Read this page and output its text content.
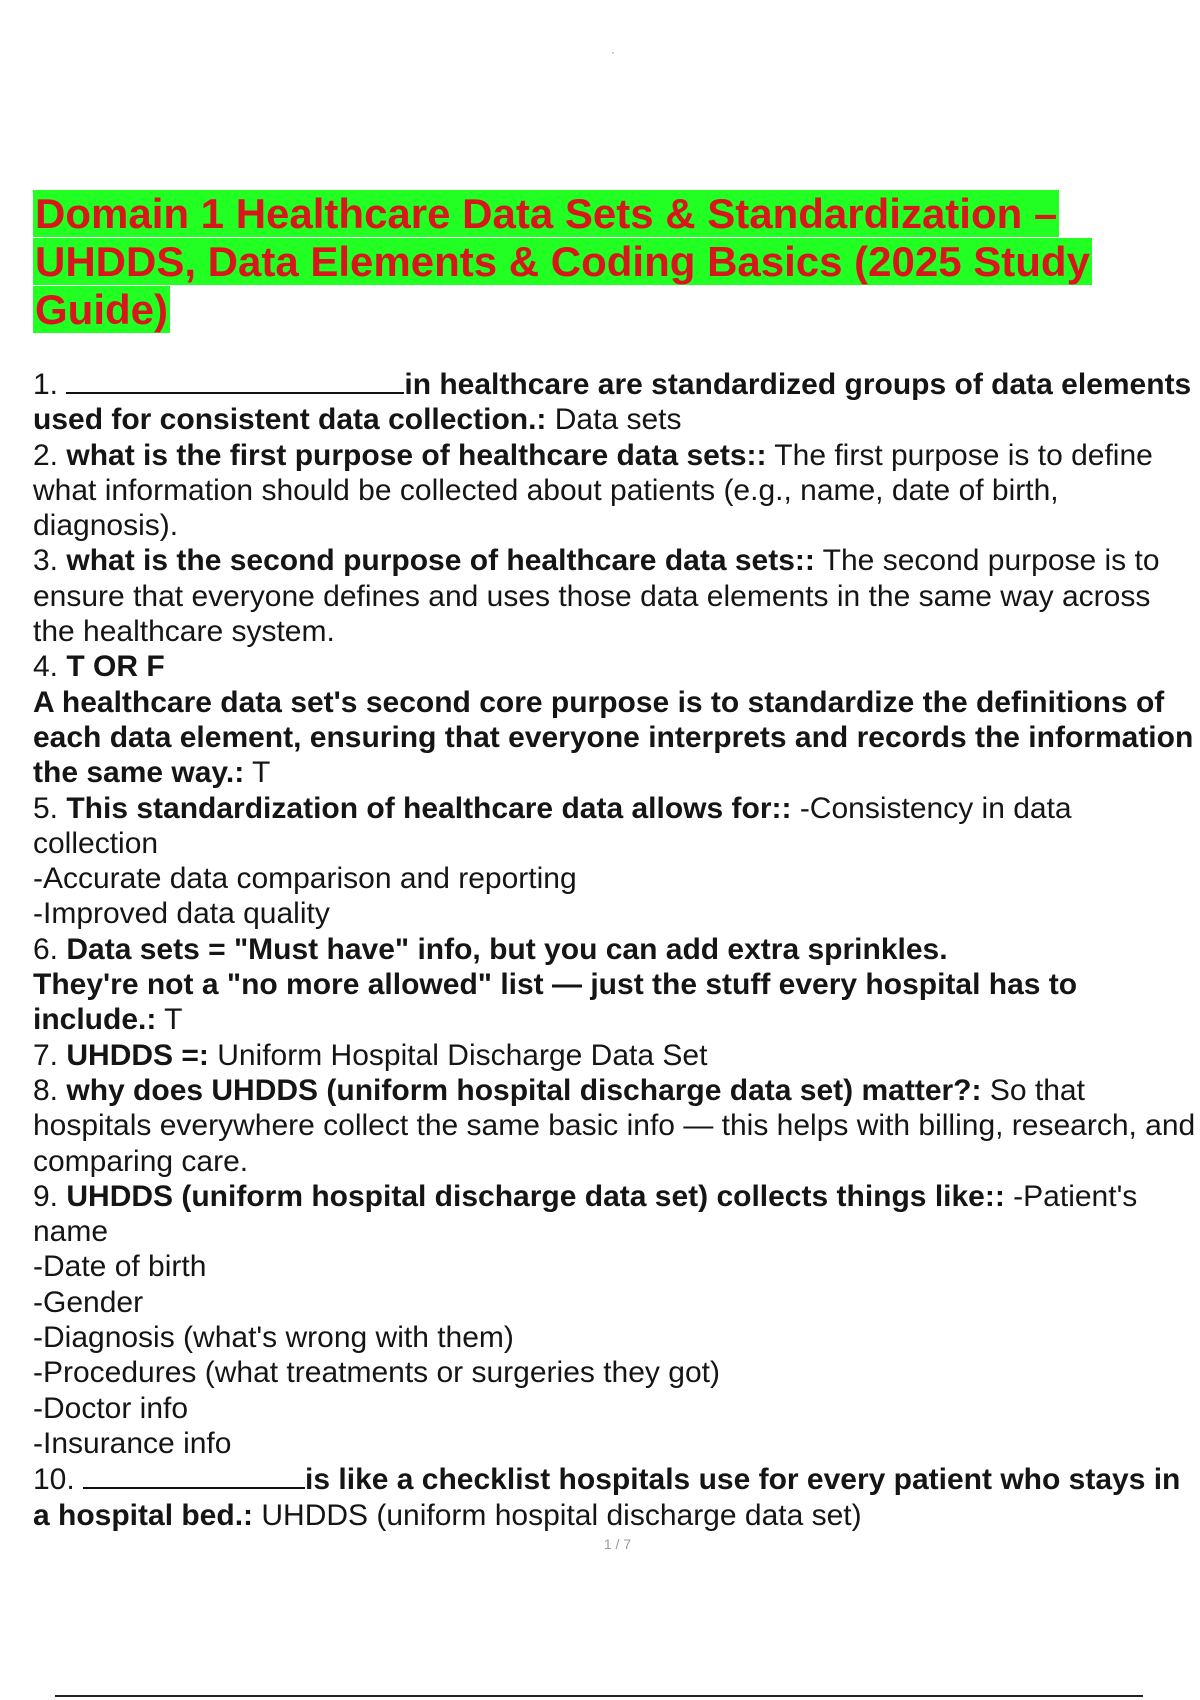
Domain 1 Healthcare Data Sets & Standardization –
UHDDS, Data Elements & Coding Basics (2025 Study
Guide)

1.	in healthcare are standardized groups of data elements used for consistent data collection.: Data sets

2. what is the first purpose of healthcare data sets:: The first purpose is to define what information should be collected about patients (e.g., name, date of birth, diagnosis).

3. what is the second purpose of healthcare data sets:: The second purpose is to ensure that everyone defines and uses those data elements in the same way across the healthcare system.

4. T OR F
A healthcare data set's second core purpose is to standardize the definitions of each data element, ensuring that everyone interprets and records the information the same way.: T

5. This standardization of healthcare data allows for:: -Consistency in data collection
-Accurate data comparison and reporting
-Improved data quality

6. Data sets = "Must have" info, but you can add extra sprinkles.
They're not a "no more allowed" list — just the stuff every hospital has to include.: T

7. UHDDS =: Uniform Hospital Discharge Data Set

8. why does UHDDS (uniform hospital discharge data set) matter?: So that hospitals everywhere collect the same basic info — this helps with billing, research, and comparing care.

9. UHDDS (uniform hospital discharge data set) collects things like:: -Patient's name
-Date of birth
-Gender
-Diagnosis (what's wrong with them)
-Procedures (what treatments or surgeries they got)
-Doctor info
-Insurance info

10.	is like a checklist hospitals use for every patient who stays in a hospital bed.: UHDDS (uniform hospital discharge data set)

1 / 7
